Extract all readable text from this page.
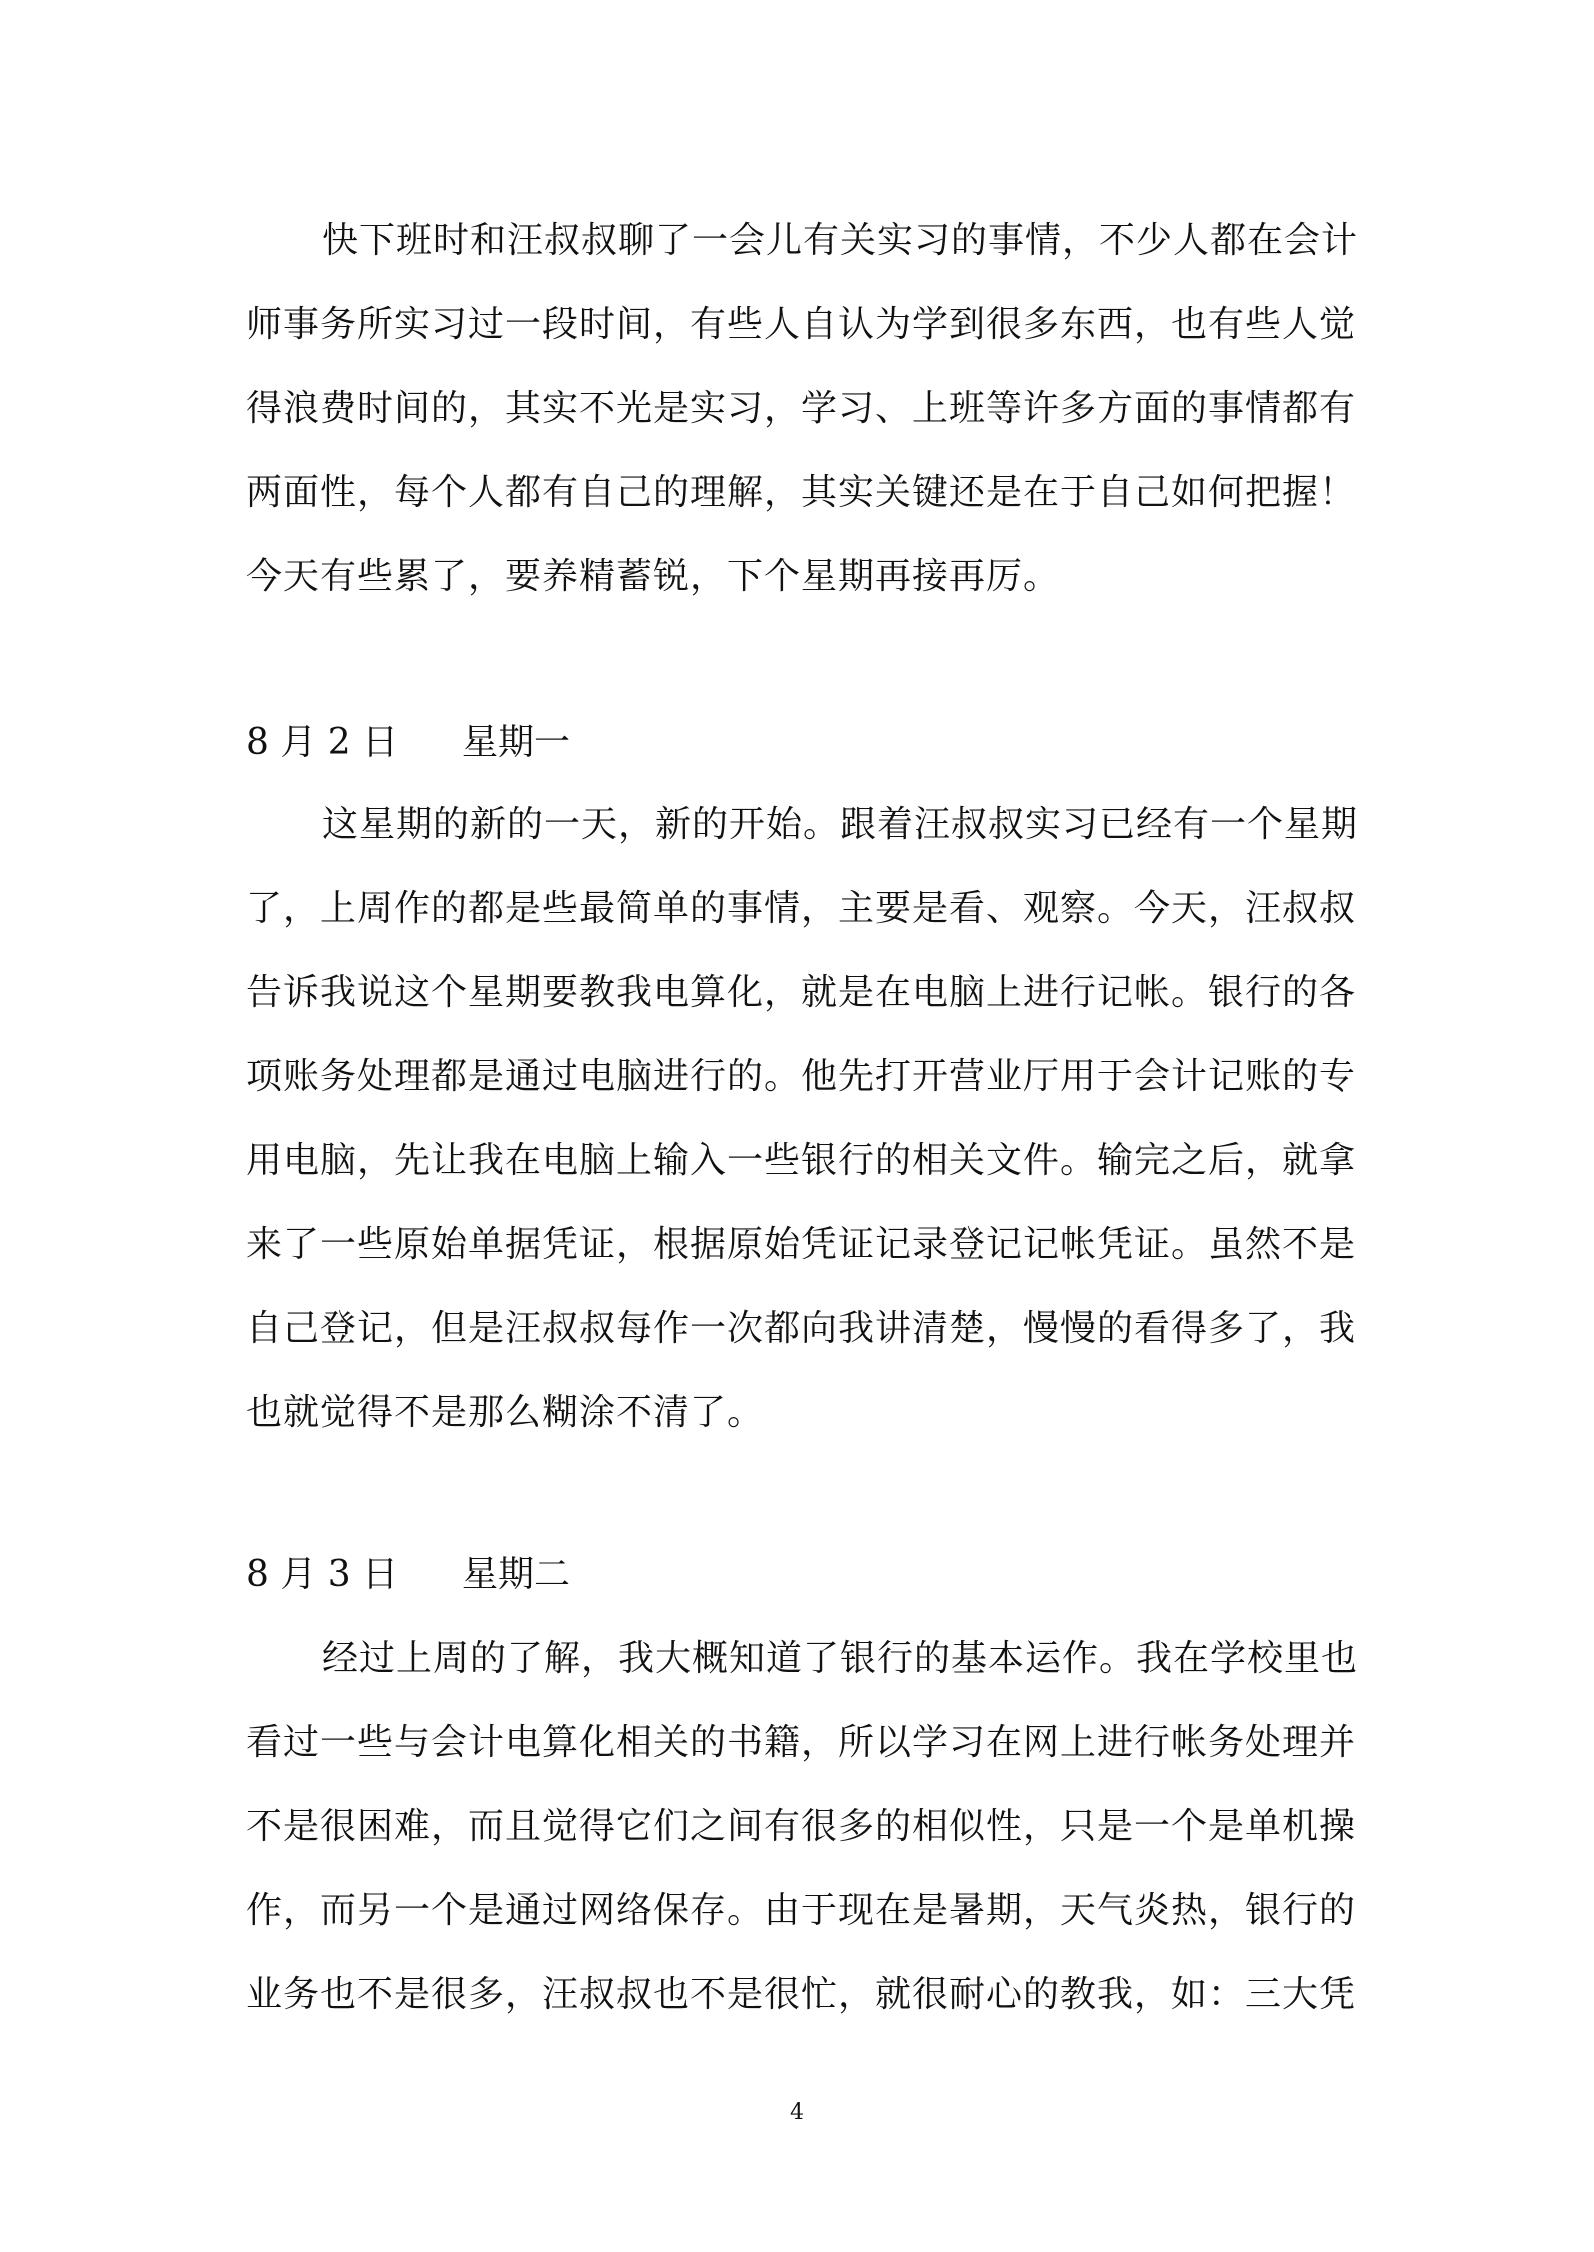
快下班时和汪叔叔聊了一会儿有关实习的事情，不少人都在会计
师事务所实习过一段时间，有些人自认为学到很多东西，也有些人觉
得浪费时间的，其实不光是实习，学习、上班等许多方面的事情都有
两面性，每个人都有自己的理解，其实关键还是在于自己如何把握！
今天有些累了，要养精蓄锐，下个星期再接再厉。
8 月 2 日 星期一
这星期的新的一天，新的开始。跟着汪叔叔实习已经有一个星期
了，上周作的都是些最简单的事情，主要是看、观察。今天，汪叔叔
告诉我说这个星期要教我电算化，就是在电脑上进行记帐。银行的各
项账务处理都是通过电脑进行的。他先打开营业厅用于会计记账的专
用电脑，先让我在电脑上输入一些银行的相关文件。输完之后，就拿
来了一些原始单据凭证，根据原始凭证记录登记记帐凭证。虽然不是
自己登记，但是汪叔叔每作一次都向我讲清楚，慢慢的看得多了，我
也就觉得不是那么糊涂不清了。
8 月 3 日 星期二
经过上周的了解，我大概知道了银行的基本运作。我在学校里也
看过一些与会计电算化相关的书籍，所以学习在网上进行帐务处理并
不是很困难，而且觉得它们之间有很多的相似性，只是一个是单机操
作，而另一个是通过网络保存。由于现在是暑期，天气炎热，银行的
业务也不是很多，汪叔叔也不是很忙，就很耐心的教我，如：三大凭
4
